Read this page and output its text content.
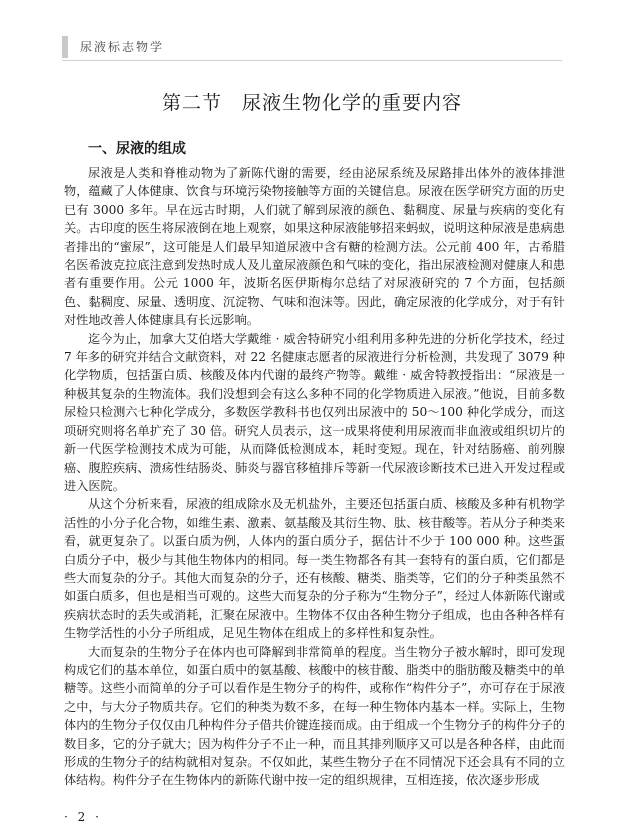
尿液标志物学
第二节　尿液生物化学的重要内容
一、尿液的组成

尿液是人类和脊椎动物为了新陈代谢的需要，经由泌尿系统及尿路排出体外的液体排泄物，蕴藏了人体健康、饮食与环境污染物接触等方面的关键信息。尿液在医学研究方面的历史已有 3000 多年。早在远古时期，人们就了解到尿液的颜色、黏稠度、尿量与疾病的变化有关。古印度的医生将尿液倒在地上观察，如果这种尿液能够招来蚂蚁，说明这种尿液是患病患者排出的“蜜尿”，这可能是人们最早知道尿液中含有糖的检测方法。公元前 400 年，古希腊名医希波克拉底注意到发热时成人及儿童尿液颜色和气味的变化，指出尿液检测对健康人和患者有重要作用。公元 1000 年，波斯名医伊斯梅尔总结了对尿液研究的 7 个方面，包括颜色、黏稠度、尿量、透明度、沉淀物、气味和泡沫等。因此，确定尿液的化学成分，对于有针对性地改善人体健康具有长远影响。

迄今为止，加拿大艾伯塔大学戴维 · 威舍特研究小组利用多种先进的分析化学技术，经过 7 年多的研究并结合文献资料，对 22 名健康志愿者的尿液进行分析检测，共发现了 3079 种化学物质，包括蛋白质、核酸及体内代谢的最终产物等。戴维 · 威舍特教授指出：“尿液是一种极其复杂的生物流体。我们没想到会有这么多种不同的化学物质进入尿液。”他说，目前多数尿检只检测六七种化学成分，多数医学教科书也仅列出尿液中的 50～100 种化学成分，而这项研究则将名单扩充了 30 倍。研究人员表示，这一成果将使利用尿液而非血液或组织切片的新一代医学检测技术成为可能，从而降低检测成本，耗时变短。现在，针对结肠癌、前列腺癌、腹腔疾病、溃疡性结肠炎、肺炎与器官移植排斥等新一代尿液诊断技术已进入开发过程或进入医院。

从这个分析来看，尿液的组成除水及无机盐外，主要还包括蛋白质、核酸及多种有机物学活性的小分子化合物，如维生素、激素、氨基酸及其衍生物、肽、核苷酸等。若从分子种类来看，就更复杂了。以蛋白质为例，人体内的蛋白质分子，据估计不少于 100 000 种。这些蛋白质分子中，极少与其他生物体内的相同。每一类生物都各有其一套特有的蛋白质，它们都是些大而复杂的分子。其他大而复杂的分子，还有核酸、糖类、脂类等，它们的分子种类虽然不如蛋白质多，但也是相当可观的。这些大而复杂的分子称为“生物分子”，经过人体新陈代谢或疾病状态时的丢失或消耗，汇聚在尿液中。生物体不仅由各种生物分子组成，也由各种各样有生物学活性的小分子所组成，足见生物体在组成上的多样性和复杂性。

大而复杂的生物分子在体内也可降解到非常简单的程度。当生物分子被水解时，即可发现构成它们的基本单位，如蛋白质中的氨基酸、核酸中的核苷酸、脂类中的脂肪酸及糖类中的单糖等。这些小而简单的分子可以看作是生物分子的构件，或称作“构件分子”，亦可存在于尿液之中，与大分子物质共存。它们的种类为数不多，在每一种生物体内基本一样。实际上，生物体内的生物分子仅仅由几种构件分子借共价键连接而成。由于组成一个生物分子的构件分子的数目多，它的分子就大；因为构件分子不止一种，而且其排列顺序又可以是各种各样，由此而形成的生物分子的结构就相对复杂。不仅如此，某些生物分子在不同情况下还会具有不同的立体结构。构件分子在生物体内的新陈代谢中按一定的组织规律，互相连接，依次逐步形成

· 2 ·
